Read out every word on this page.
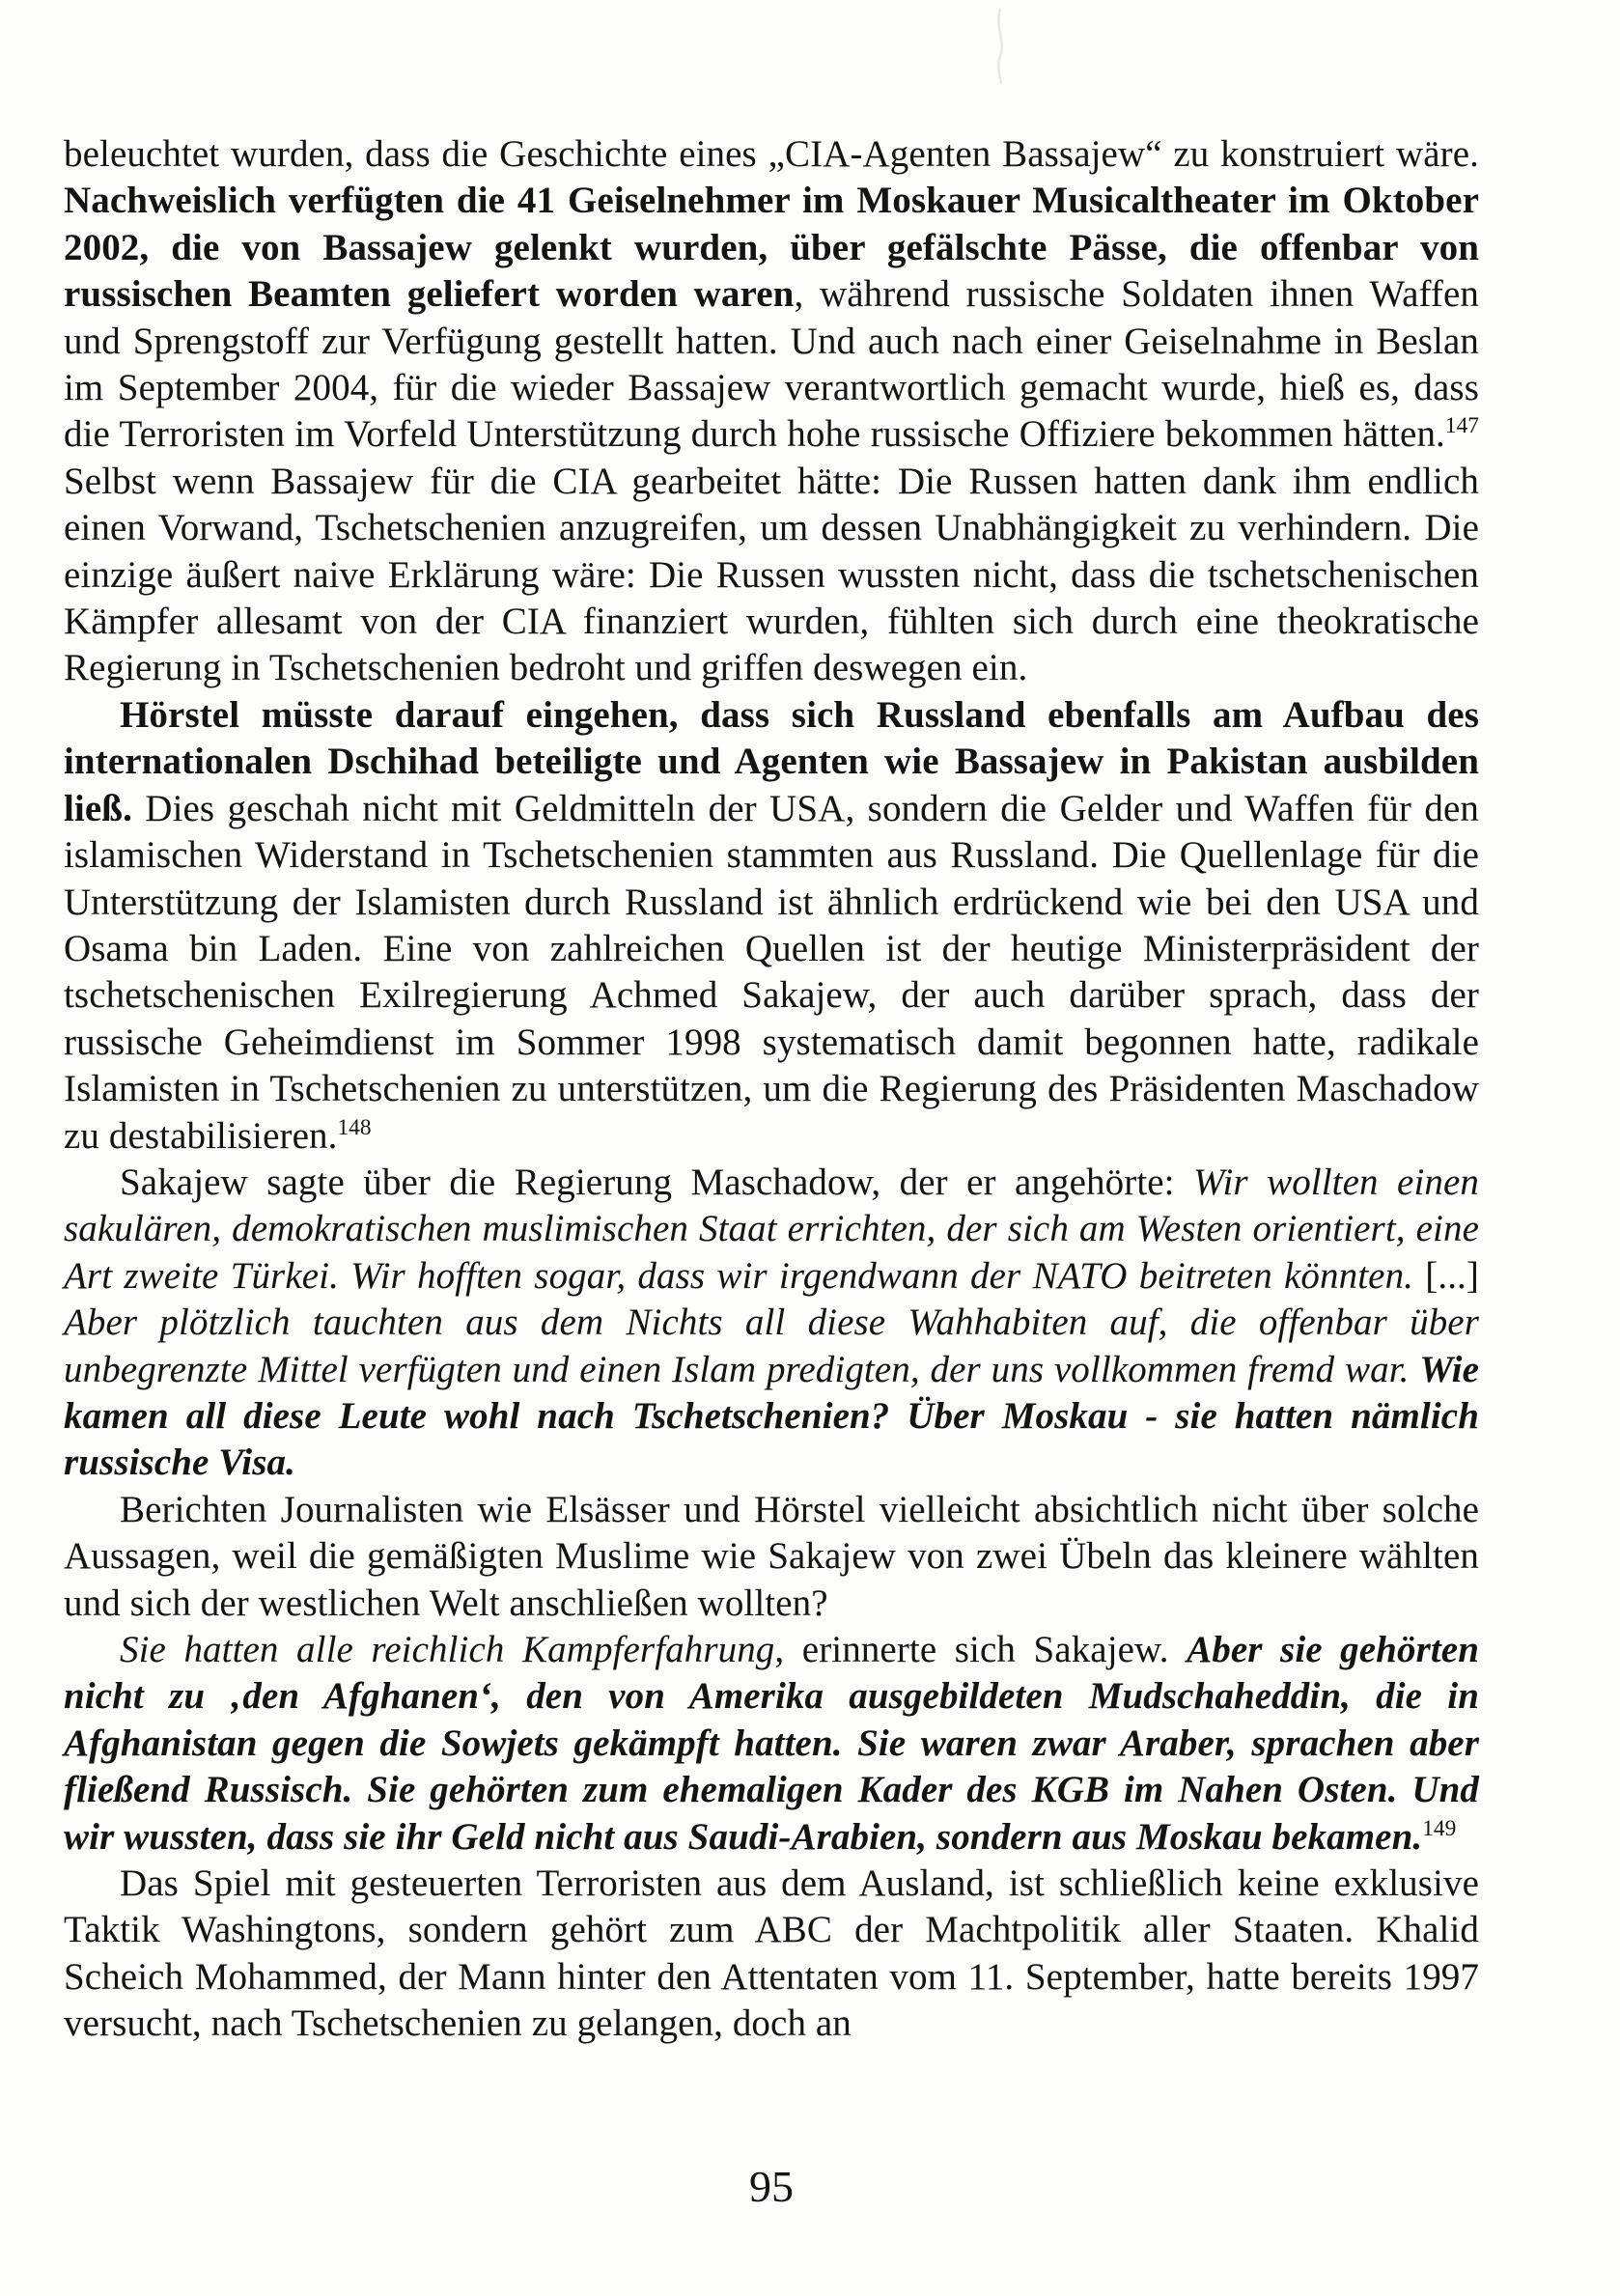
beleuchtet wurden, dass die Geschichte eines „CIA-Agenten Bassajew“ zu konstruiert wäre. Nachweislich verfügten die 41 Geiselnehmer im Moskauer Musicaltheater im Oktober 2002, die von Bassajew gelenkt wurden, über gefälschte Pässe, die offenbar von russischen Beamten geliefert worden waren, während russische Soldaten ihnen Waffen und Sprengstoff zur Verfügung gestellt hatten. Und auch nach einer Geiselnahme in Beslan im September 2004, für die wieder Bassajew verantwortlich gemacht wurde, hieß es, dass die Terroristen im Vorfeld Unterstützung durch hohe russische Offiziere bekommen hätten.$^{147}$ Selbst wenn Bassajew für die CIA gearbeitet hätte: Die Russen hatten dank ihm endlich einen Vorwand, Tschetschenien anzugreifen, um dessen Unabhängigkeit zu verhindern. Die einzige äußert naive Erklärung wäre: Die Russen wussten nicht, dass die tschetschenischen Kämpfer allesamt von der CIA finanziert wurden, fühlten sich durch eine theokratische Regierung in Tschetschenien bedroht und griffen deswegen ein.

Hörstel müsste darauf eingehen, dass sich Russland ebenfalls am Aufbau des internationalen Dschihad beteiligte und Agenten wie Bassajew in Pakistan ausbilden ließ. Dies geschah nicht mit Geldmitteln der USA, sondern die Gelder und Waffen für den islamischen Widerstand in Tschetschenien stammten aus Russland. Die Quellenlage für die Unterstützung der Islamisten durch Russland ist ähnlich erdrückend wie bei den USA und Osama bin Laden. Eine von zahlreichen Quellen ist der heutige Ministerpräsident der tschetschenischen Exilregierung Achmed Sakajew, der auch darüber sprach, dass der russische Geheimdienst im Sommer 1998 systematisch damit begonnen hatte, radikale Islamisten in Tschetschenien zu unterstützen, um die Regierung des Präsidenten Maschadow zu destabilisieren.$^{148}$

Sakajew sagte über die Regierung Maschadow, der er angehörte: Wir wollten einen sakulären, demokratischen muslimischen Staat errichten, der sich am Westen orientiert, eine Art zweite Türkei. Wir hofften sogar, dass wir irgendwann der NATO beitreten könnten. [...] Aber plötzlich tauchten aus dem Nichts all diese Wahhabiten auf, die offenbar über unbegrenzte Mittel verfügten und einen Islam predigten, der uns vollkommen fremd war. Wie kamen all diese Leute wohl nach Tschetschenien? Über Moskau - sie hatten nämlich russische Visa.

Berichten Journalisten wie Elsässer und Hörstel vielleicht absichtlich nicht über solche Aussagen, weil die gemäßigten Muslime wie Sakajew von zwei Übeln das kleinere wählten und sich der westlichen Welt anschließen wollten?

Sie hatten alle reichlich Kampferfahrung, erinnerte sich Sakajew. Aber sie gehörten nicht zu ‚den Afghanen‘, den von Amerika ausgebildeten Mudschaheddin, die in Afghanistan gegen die Sowjets gekämpft hatten. Sie waren zwar Araber, sprachen aber fließend Russisch. Sie gehörten zum ehemaligen Kader des KGB im Nahen Osten. Und wir wussten, dass sie ihr Geld nicht aus Saudi-Arabien, sondern aus Moskau bekamen.$^{149}$

Das Spiel mit gesteuerten Terroristen aus dem Ausland, ist schließlich keine exklusive Taktik Washingtons, sondern gehört zum ABC der Machtpolitik aller Staaten. Khalid Scheich Mohammed, der Mann hinter den Attentaten vom 11. September, hatte bereits 1997 versucht, nach Tschetschenien zu gelangen, doch an

95
